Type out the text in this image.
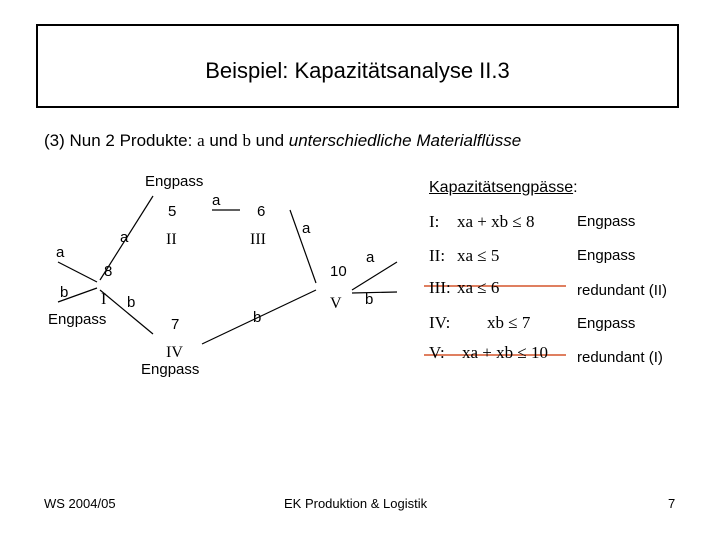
Beispiel: Kapazitätsanalyse II.3
(3) Nun 2 Produkte: a und b und unterschiedliche Materialflüsse
Engpass
a
5	6
a
a II	III
a	a
8	10
b	b
I b	V
Engpass	b
7
IV
Engpass
Kapazitätsengpässe:
I: xa + xb ≤ 8	Engpass
II: xa ≤ 5	Engpass
III: xa ≤ 6	redundant (II)
IV: xb ≤ 7	Engpass
V: xa + xb ≤ 10 redundant (I)
WS 2004/05	EK Produktion & Logistik	7
